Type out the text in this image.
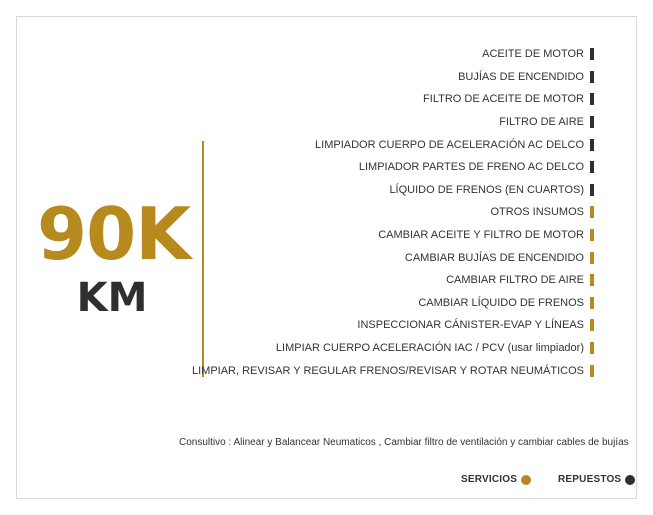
90K
KM
ACEITE DE MOTOR
BUJÍAS DE ENCENDIDO
FILTRO DE ACEITE DE MOTOR
FILTRO DE AIRE
LIMPIADOR CUERPO DE ACELERACIÓN AC DELCO
LIMPIADOR PARTES DE FRENO AC DELCO
LÍQUIDO DE FRENOS (EN CUARTOS)
OTROS INSUMOS
CAMBIAR ACEITE Y FILTRO DE MOTOR
CAMBIAR BUJÍAS DE ENCENDIDO
CAMBIAR FILTRO DE AIRE
CAMBIAR LÍQUIDO DE FRENOS
INSPECCIONAR CÁNISTER-EVAP Y LÍNEAS
LIMPIAR CUERPO ACELERACIÓN IAC / PCV (usar limpiador)
LIMPIAR, REVISAR Y REGULAR FRENOS/REVISAR Y ROTAR NEUMÁTICOS
Consultivo : Alinear y Balancear Neumaticos , Cambiar filtro de ventilación y cambiar cables de bujías
SERVICIOS	REPUESTOS
